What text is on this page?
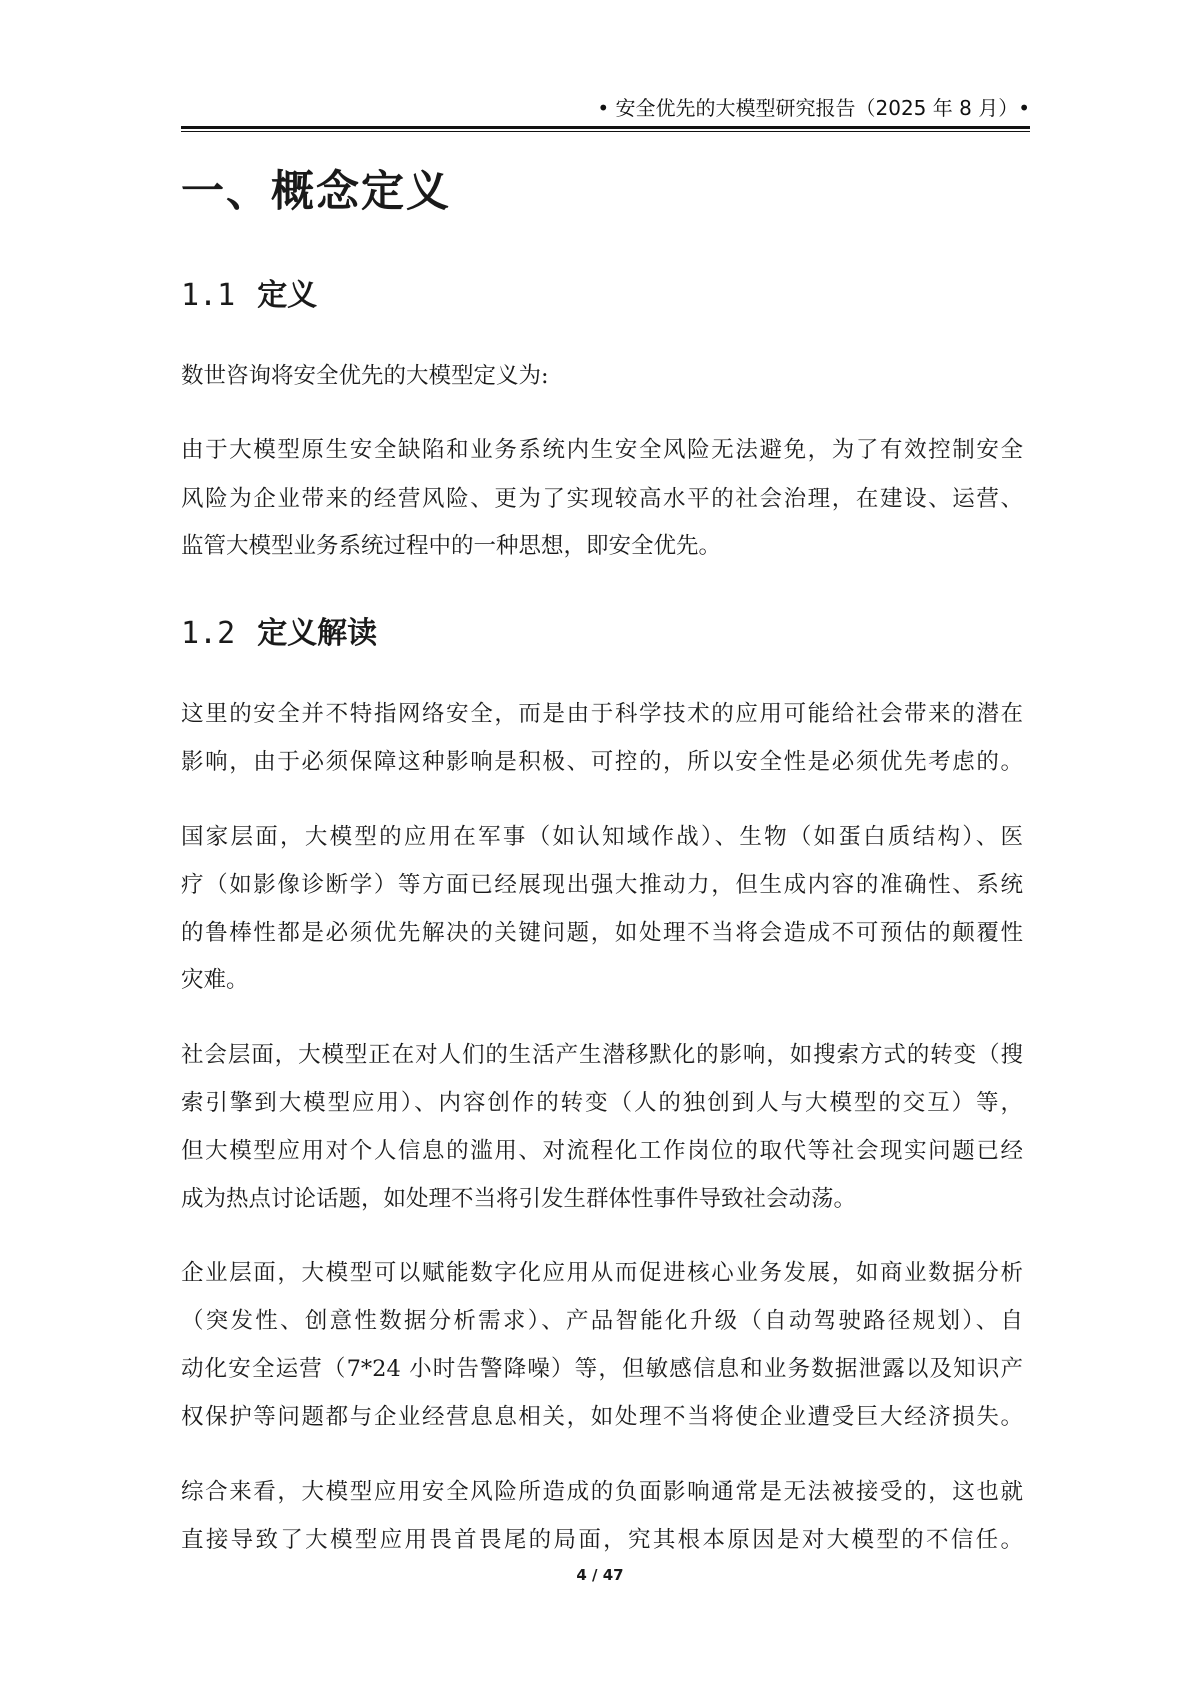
• 安全优先的大模型研究报告（2025 年 8 月）•
一、概念定义
1.1 定义
数世咨询将安全优先的大模型定义为:
由于大模型原生安全缺陷和业务系统内生安全风险无法避免，为了有效控制安全
风险为企业带来的经营风险、更为了实现较高水平的社会治理，在建设、运营、
监管大模型业务系统过程中的一种思想，即安全优先。
1.2 定义解读
这里的安全并不特指网络安全，而是由于科学技术的应用可能给社会带来的潜在
影响，由于必须保障这种影响是积极、可控的，所以安全性是必须优先考虑的。
国家层面，大模型的应用在军事（如认知域作战）、生物（如蛋白质结构）、医
疗（如影像诊断学）等方面已经展现出强大推动力，但生成内容的准确性、系统
的鲁棒性都是必须优先解决的关键问题，如处理不当将会造成不可预估的颠覆性
灾难。
社会层面，大模型正在对人们的生活产生潜移默化的影响，如搜索方式的转变（搜
索引擎到大模型应用）、内容创作的转变（人的独创到人与大模型的交互）等，
但大模型应用对个人信息的滥用、对流程化工作岗位的取代等社会现实问题已经
成为热点讨论话题，如处理不当将引发生群体性事件导致社会动荡。
企业层面，大模型可以赋能数字化应用从而促进核心业务发展，如商业数据分析
（突发性、创意性数据分析需求）、产品智能化升级（自动驾驶路径规划）、自
动化安全运营（7*24 小时告警降噪）等，但敏感信息和业务数据泄露以及知识产
权保护等问题都与企业经营息息相关，如处理不当将使企业遭受巨大经济损失。
综合来看，大模型应用安全风险所造成的负面影响通常是无法被接受的，这也就
直接导致了大模型应用畏首畏尾的局面，究其根本原因是对大模型的不信任。
4 / 47
